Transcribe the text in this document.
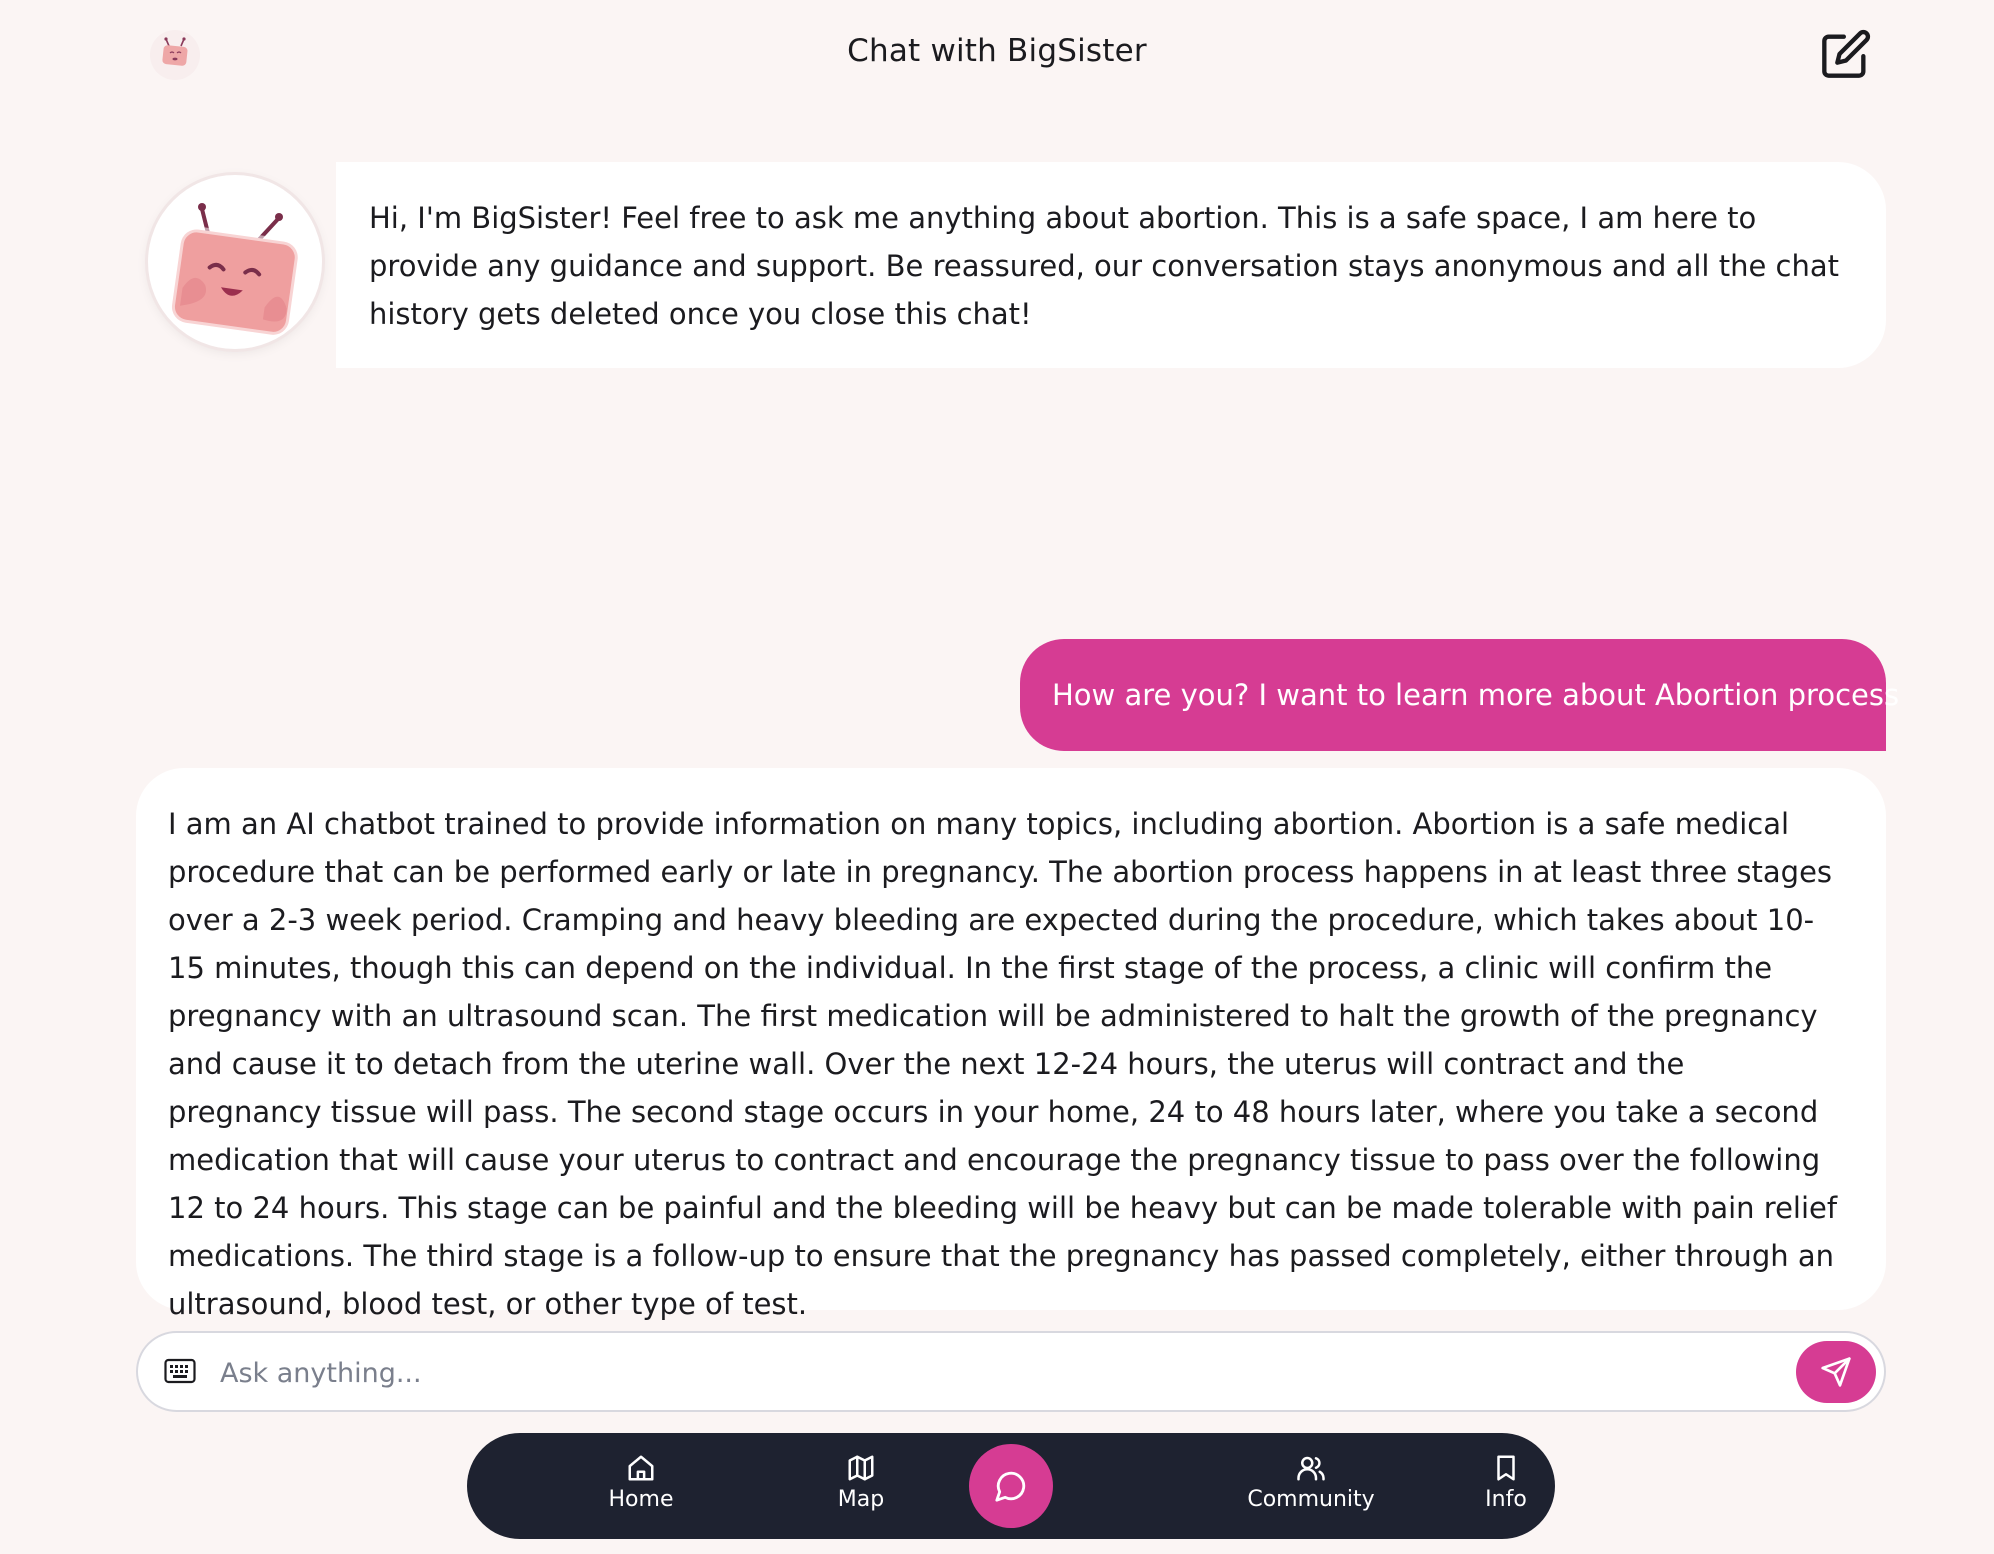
Chat with BigSister
Hi, I'm BigSister! Feel free to ask me anything about abortion. This is a safe space, I am here to provide any guidance and support. Be reassured, our conversation stays anonymous and all the chat history gets deleted once you close this chat!
How are you? I want to learn more about Abortion process
I am an AI chatbot trained to provide information on many topics, including abortion. Abortion is a safe medical procedure that can be performed early or late in pregnancy. The abortion process happens in at least three stages over a 2-3 week period. Cramping and heavy bleeding are expected during the procedure, which takes about 10-15 minutes, though this can depend on the individual. In the first stage of the process, a clinic will confirm the pregnancy with an ultrasound scan. The first medication will be administered to halt the growth of the pregnancy and cause it to detach from the uterine wall. Over the next 12-24 hours, the uterus will contract and the pregnancy tissue will pass. The second stage occurs in your home, 24 to 48 hours later, where you take a second medication that will cause your uterus to contract and encourage the pregnancy tissue to pass over the following 12 to 24 hours. This stage can be painful and the bleeding will be heavy but can be made tolerable with pain relief medications. The third stage is a follow-up to ensure that the pregnancy has passed completely, either through an ultrasound, blood test, or other type of test.
Ask anything...
Home	Map	Community	Info
